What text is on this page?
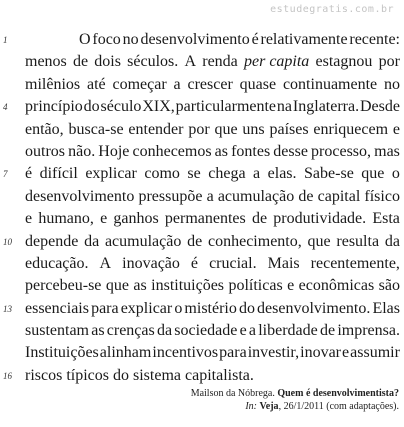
estudegratis.com.br
1	O foco no desenvolvimento é relativamente recente:
menos de dois séculos. A renda per capita estagnou por
milênios até começar a crescer quase continuamente no
4	princípio do século XIX, particularmente na Inglaterra. Desde
então, busca-se entender por que uns países enriquecem e
outros não. Hoje conhecemos as fontes desse processo, mas
7	é difícil explicar como se chega a elas. Sabe-se que o
desenvolvimento pressupõe a acumulação de capital físico
e humano, e ganhos permanentes de produtividade. Esta
10 depende da acumulação de conhecimento, que resulta da
educação. A inovação é crucial. Mais recentemente,
percebeu-se que as instituições políticas e econômicas são
13 essenciais para explicar o mistério do desenvolvimento. Elas
sustentam as crenças da sociedade e a liberdade de imprensa.
Instituições alinham incentivos para investir, inovar e assumir
16 riscos típicos do sistema capitalista.
Mailson da Nóbrega. Quem é desenvolvimentista?
In: Veja, 26/1/2011 (com adaptações).
